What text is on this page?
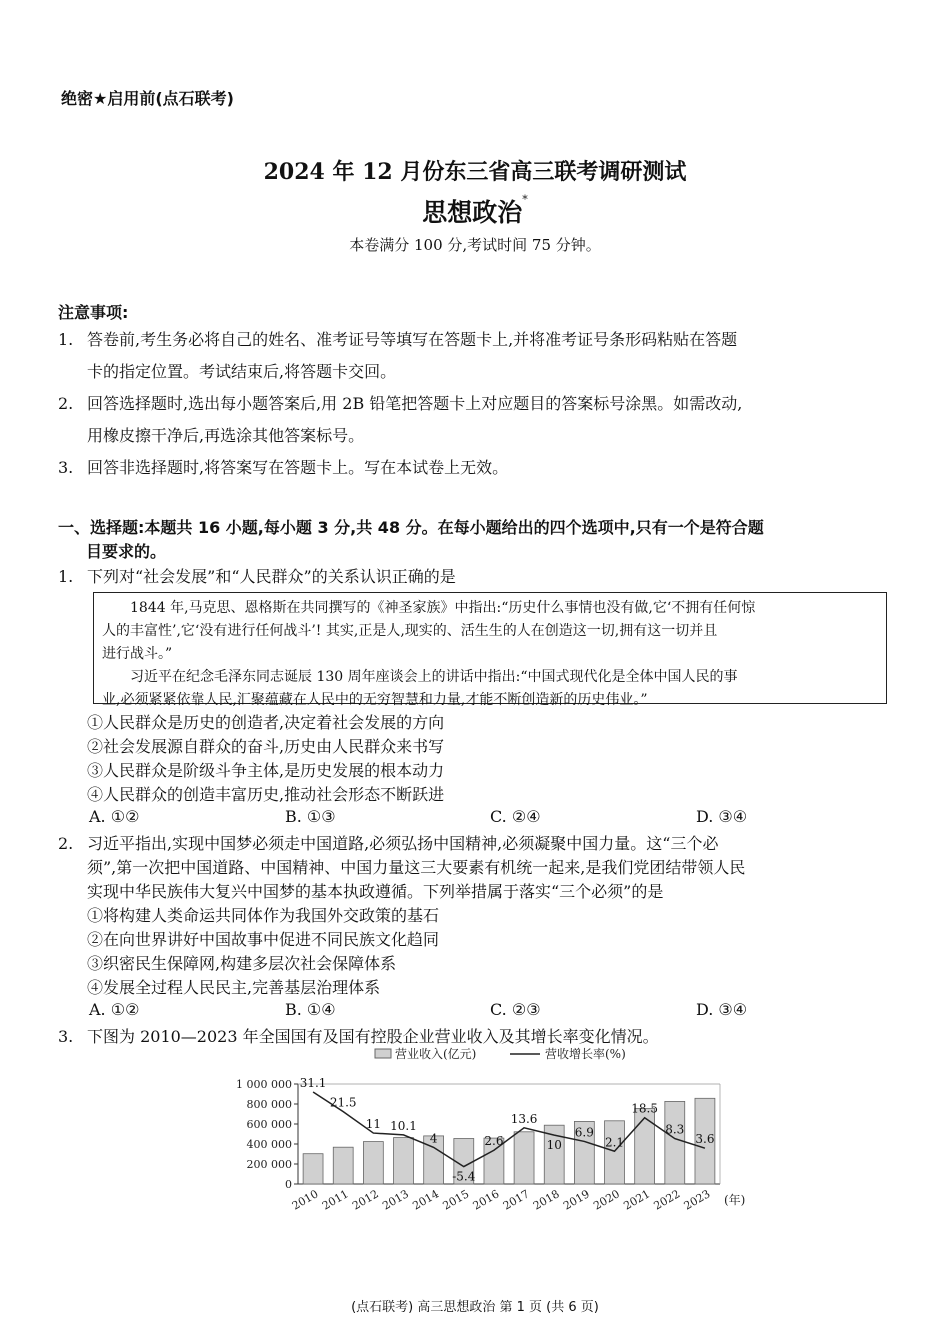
绝密★启用前(点石联考)
2024 年 12 月份东三省高三联考调研测试
思想政治*
本卷满分 100 分,考试时间 75 分钟。
注意事项:
1. 答卷前,考生务必将自己的姓名、准考证号等填写在答题卡上,并将准考证号条形码粘贴在答题
卡的指定位置。考试结束后,将答题卡交回。
2. 回答选择题时,选出每小题答案后,用 2B 铅笔把答题卡上对应题目的答案标号涂黑。如需改动,
用橡皮擦干净后,再选涂其他答案标号。
3. 回答非选择题时,将答案写在答题卡上。写在本试卷上无效。
一、选择题:本题共 16 小题,每小题 3 分,共 48 分。在每小题给出的四个选项中,只有一个是符合题
目要求的。
1. 下列对“社会发展”和“人民群众”的关系认识正确的是

1844 年,马克思、恩格斯在共同撰写的《神圣家族》中指出:“历史什么事情也没有做,它‘不拥有任何惊

人的丰富性’,它‘没有进行任何战斗’! 其实,正是人,现实的、活生生的人在创造这一切,拥有这一切并且

进行战斗。”

习近平在纪念毛泽东同志诞辰 130 周年座谈会上的讲话中指出:“中国式现代化是全体中国人民的事

业,必须紧紧依靠人民,汇聚蕴藏在人民中的无穷智慧和力量,才能不断创造新的历史伟业。”

①人民群众是历史的创造者,决定着社会发展的方向
②社会发展源自群众的奋斗,历史由人民群众来书写
③人民群众是阶级斗争主体,是历史发展的根本动力
④人民群众的创造丰富历史,推动社会形态不断跃进
A. ①②	B. ①③	C. ②④	D. ③④
2. 习近平指出,实现中国梦必须走中国道路,必须弘扬中国精神,必须凝聚中国力量。这“三个必
须”,第一次把中国道路、中国精神、中国力量这三大要素有机统一起来,是我们党团结带领人民
实现中华民族伟大复兴中国梦的基本执政遵循。下列举措属于落实“三个必须”的是
①将构建人类命运共同体作为我国外交政策的基石
②在向世界讲好中国故事中促进不同民族文化趋同
③织密民生保障网,构建多层次社会保障体系
④发展全过程人民民主,完善基层治理体系
A. ①②	B. ①④	C. ②③	D. ③④
3. 下图为 2010—2023 年全国国有及国有控股企业营业收入及其增长率变化情况。
营业收入(亿元)	营收增长率(%)
0
200 000
400 000
600 000
800 000
1 000 000 31.1
21.5
11 10.1
4
-5.4
2.6
13.6
10
6.9
2.1
18.5
8.3
3.6
2010 2011 2012 2013 2014 2015 2016 2017 2018 2019 2020 2021 2022 2023 (年)
(点石联考) 高三思想政治 第 1 页 (共 6 页)
